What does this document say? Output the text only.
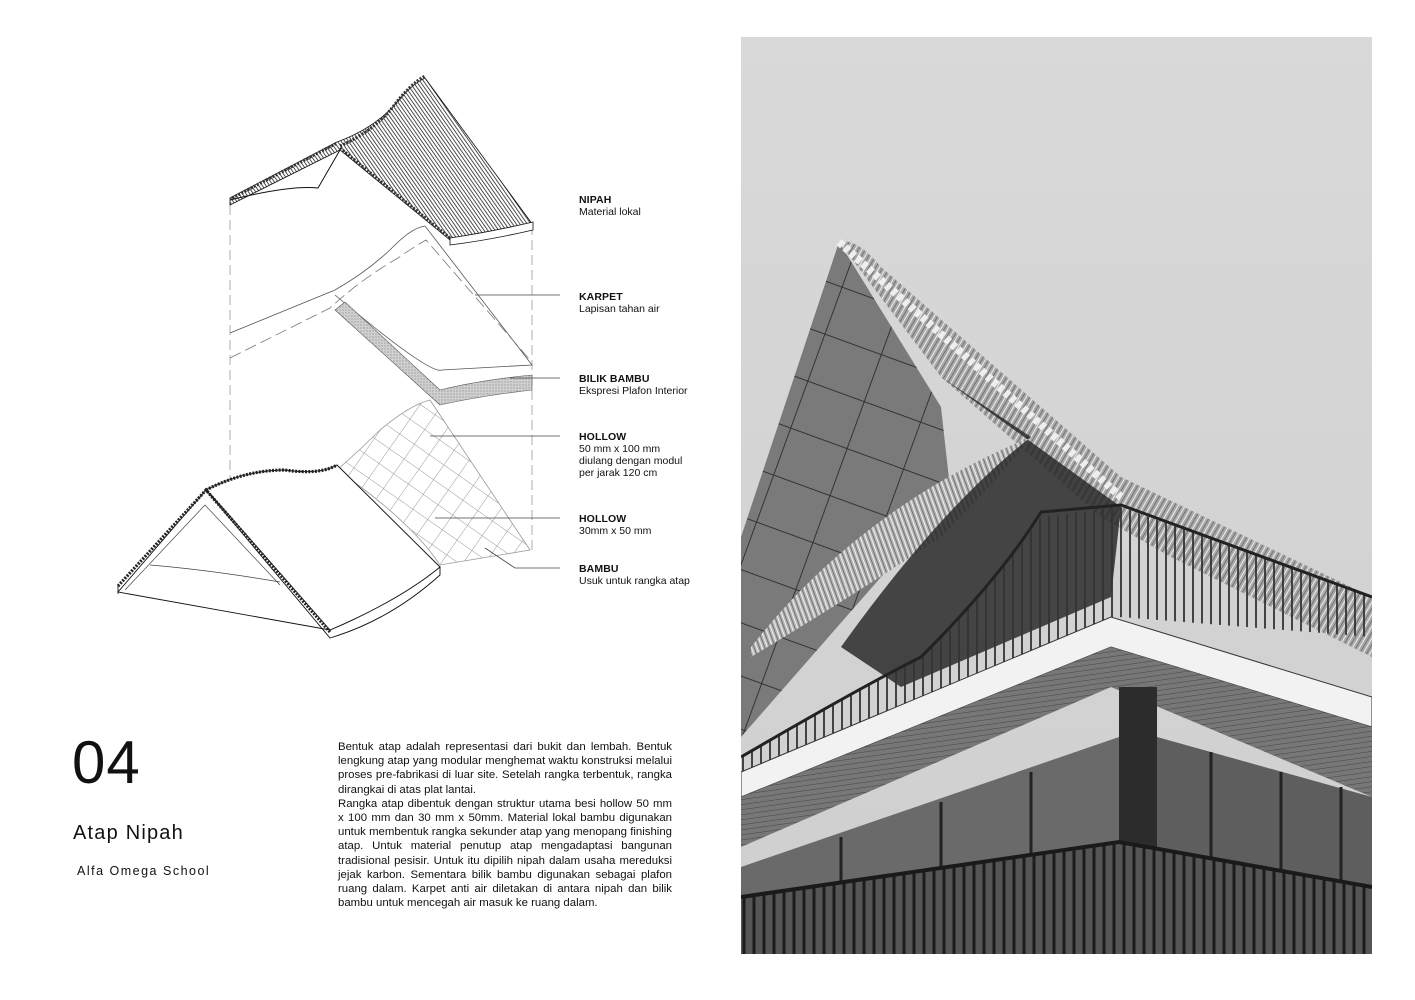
NIPAH
Material lokal
KARPET
Lapisan tahan air
BILIK BAMBU
Ekspresi Plafon Interior
HOLLOW
50 mm x 100 mm
diulang dengan modul
per jarak 120 cm
HOLLOW
30mm x 50 mm
BAMBU
Usuk untuk rangka atap
04
Atap Nipah
Alfa Omega School

Bentuk atap adalah representasi dari bukit dan lembah. Bentuk lengkung atap yang modular menghemat waktu konstruksi melalui proses pre-fabrikasi di luar site. Setelah rangka terbentuk, rangka dirangkai di atas plat lantai.

Rangka atap dibentuk dengan struktur utama besi hollow 50 mm x 100 mm dan 30 mm x 50mm. Material lokal bambu digunakan untuk membentuk rangka sekunder atap yang menopang finishing atap. Untuk material penutup atap mengadaptasi bangunan tradisional pesisir. Untuk itu dipilih nipah dalam usaha mereduksi jejak karbon. Sementara bilik bambu digunakan sebagai plafon ruang dalam. Karpet anti air diletakan di antara nipah dan bilik bambu untuk mencegah air masuk ke ruang dalam.
